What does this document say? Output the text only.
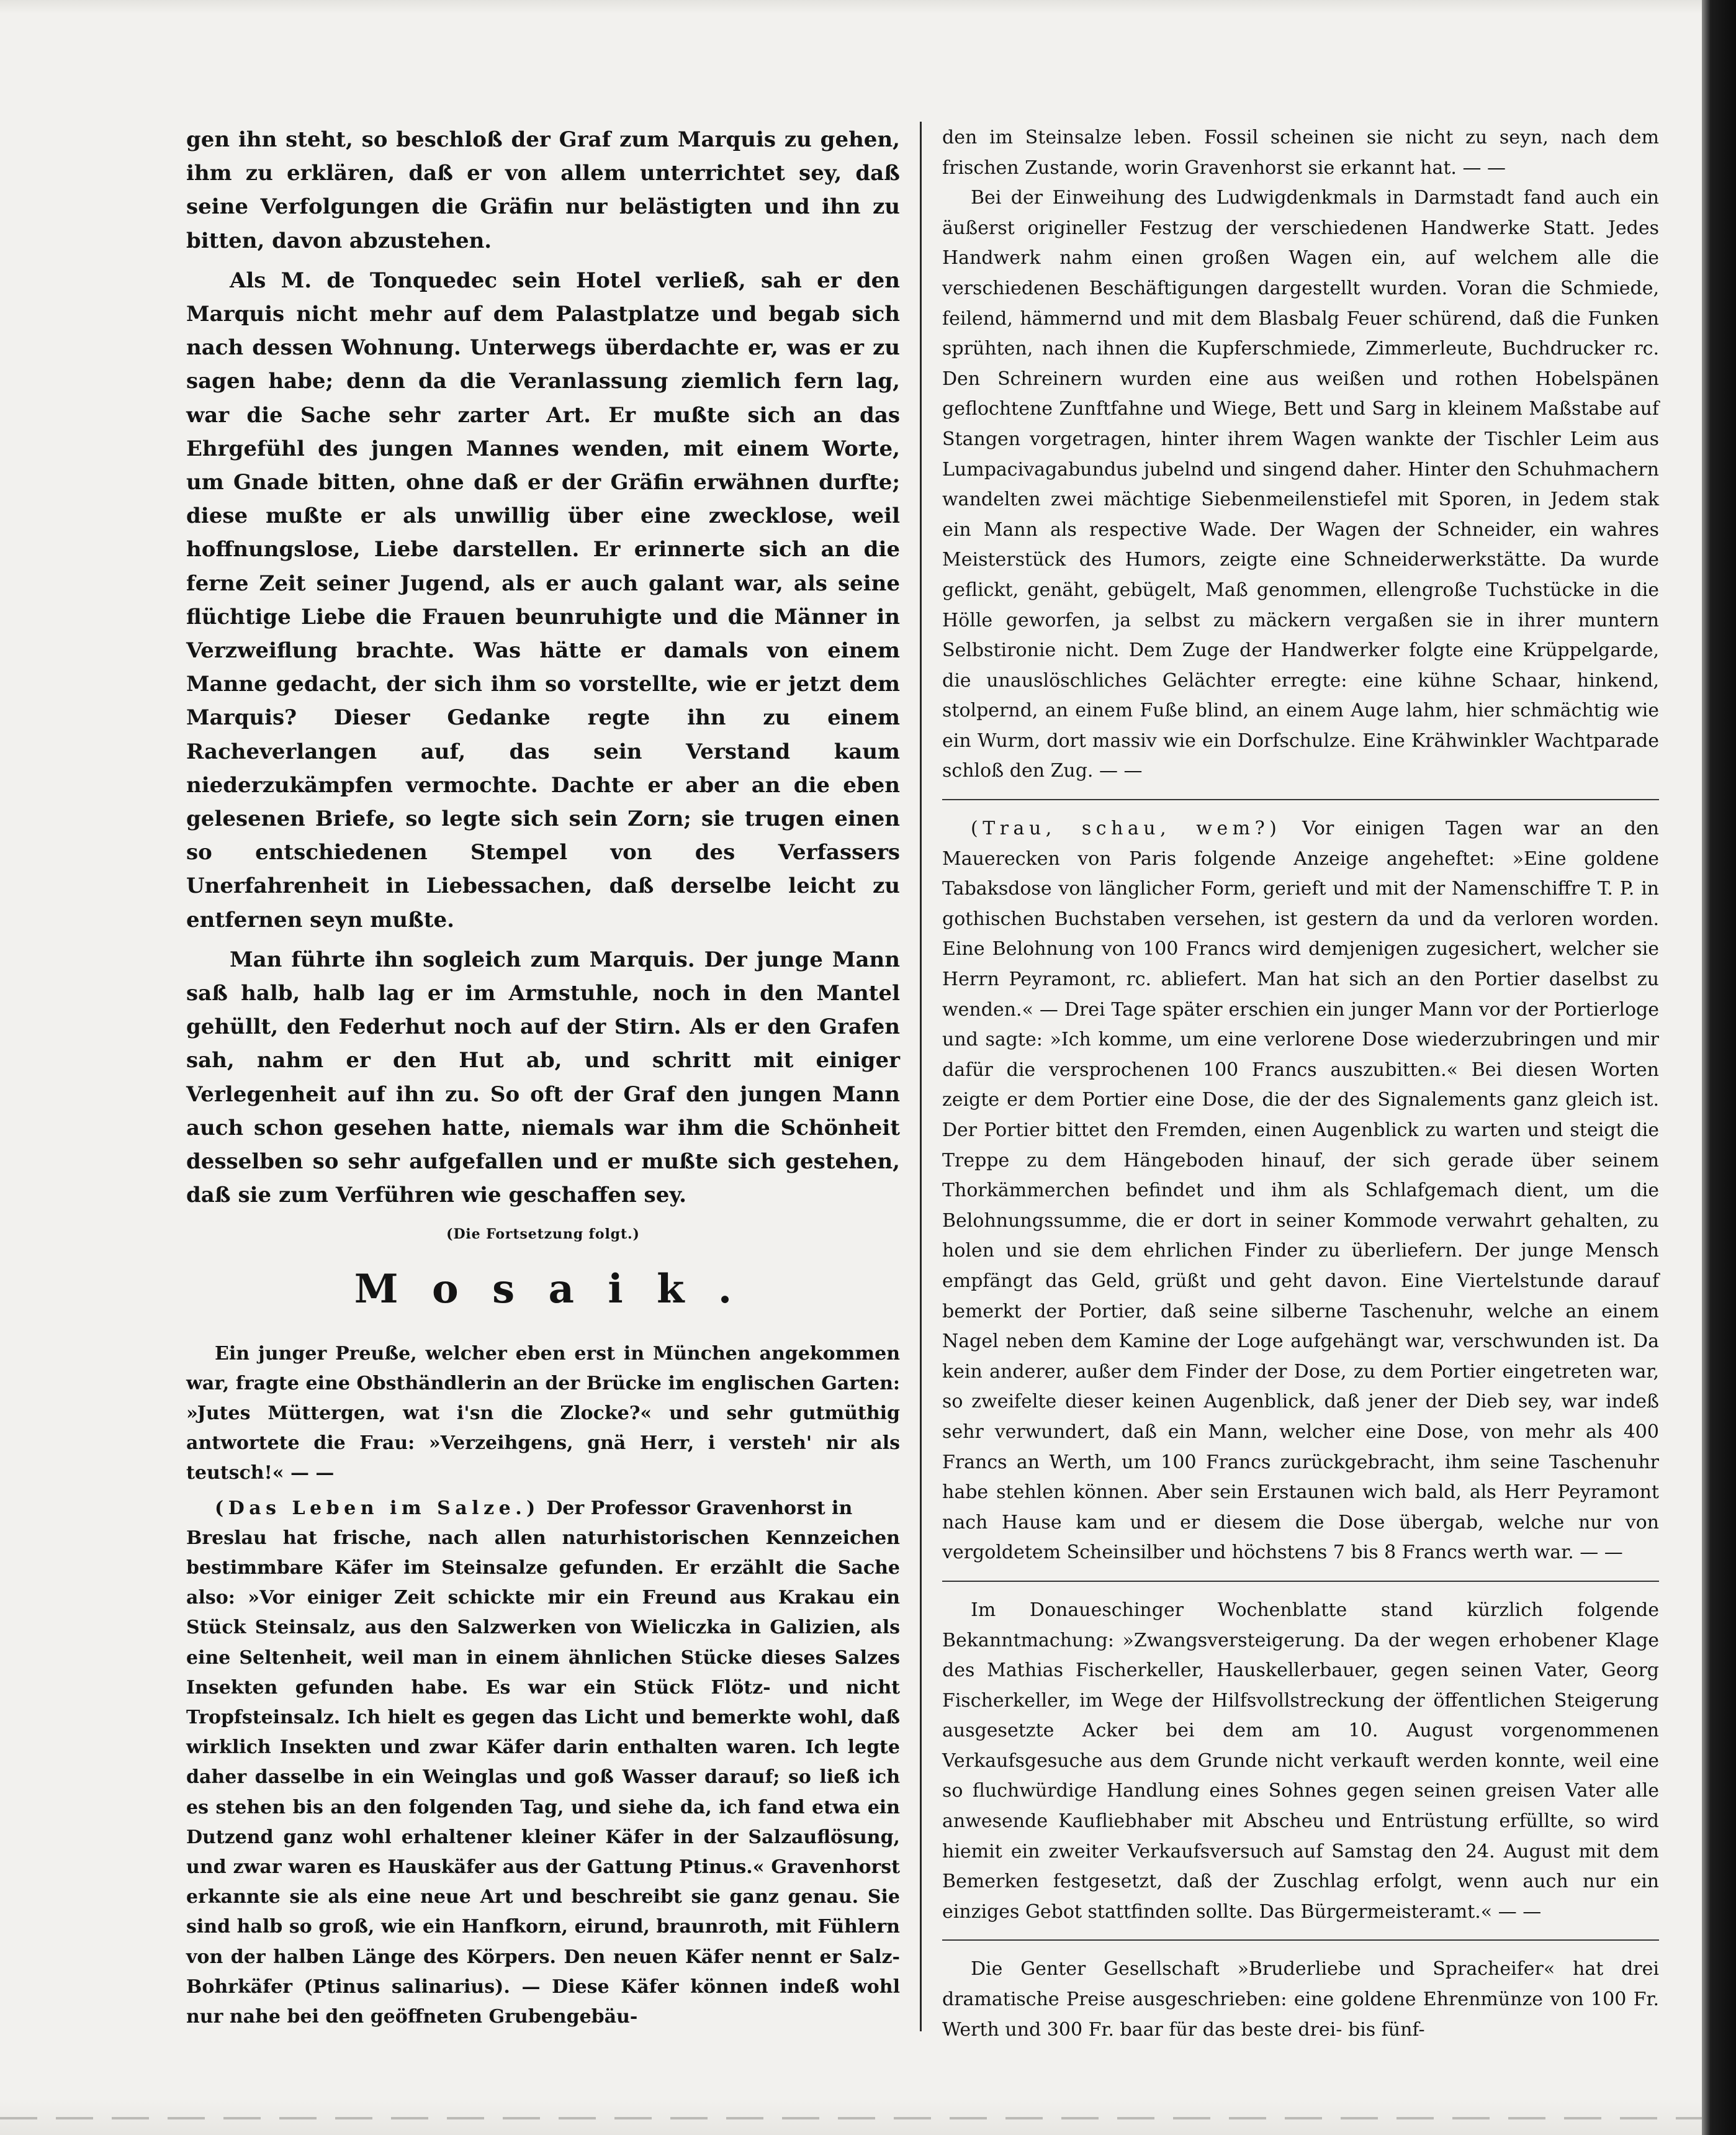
gen ihn steht, so beschloß der Graf zum Marquis zu gehen, ihm zu erklären, daß er von allem unterrichtet sey, daß seine Verfolgungen die Gräfin nur belästigten und ihn zu bitten, davon abzustehen.

Als M. de Tonquedec sein Hotel verließ, sah er den Marquis nicht mehr auf dem Palastplatze und begab sich nach dessen Wohnung. Unterwegs überdachte er, was er zu sagen habe; denn da die Veranlassung ziemlich fern lag, war die Sache sehr zarter Art. Er mußte sich an das Ehrgefühl des jungen Mannes wenden, mit einem Worte, um Gnade bitten, ohne daß er der Gräfin erwähnen durfte; diese mußte er als unwillig über eine zwecklose, weil hoffnungslose, Liebe darstellen. Er erinnerte sich an die ferne Zeit seiner Jugend, als er auch galant war, als seine flüchtige Liebe die Frauen beunruhigte und die Männer in Verzweiflung brachte. Was hätte er damals von einem Manne gedacht, der sich ihm so vorstellte, wie er jetzt dem Marquis? Dieser Gedanke regte ihn zu einem Racheverlangen auf, das sein Verstand kaum niederzukämpfen vermochte. Dachte er aber an die eben gelesenen Briefe, so legte sich sein Zorn; sie trugen einen so entschiedenen Stempel von des Verfassers Unerfahrenheit in Liebessachen, daß derselbe leicht zu entfernen seyn mußte.

Man führte ihn sogleich zum Marquis. Der junge Mann saß halb, halb lag er im Armstuhle, noch in den Mantel gehüllt, den Federhut noch auf der Stirn. Als er den Grafen sah, nahm er den Hut ab, und schritt mit einiger Verlegenheit auf ihn zu. So oft der Graf den jungen Mann auch schon gesehen hatte, niemals war ihm die Schönheit desselben so sehr aufgefallen und er mußte sich gestehen, daß sie zum Verführen wie geschaffen sey.

(Die Fortsetzung folgt.)
Mosaik.

Ein junger Preuße, welcher eben erst in München angekommen war, fragte eine Obsthändlerin an der Brücke im englischen Garten: »Jutes Müttergen, wat i'sn die Zlocke?« und sehr gutmüthig antwortete die Frau: »Verzeihgens, gnä Herr, i versteh' nir als teutsch!« — —

(Das Leben im Salze.) Der Professor Gravenhorst in

Breslau hat frische, nach allen naturhistorischen Kennzeichen bestimmbare Käfer im Steinsalze gefunden. Er erzählt die Sache also: »Vor einiger Zeit schickte mir ein Freund aus Krakau ein Stück Steinsalz, aus den Salzwerken von Wieliczka in Galizien, als eine Seltenheit, weil man in einem ähnlichen Stücke dieses Salzes Insekten gefunden habe. Es war ein Stück Flötz- und nicht Tropfsteinsalz. Ich hielt es gegen das Licht und bemerkte wohl, daß wirklich Insekten und zwar Käfer darin enthalten waren. Ich legte daher dasselbe in ein Weinglas und goß Wasser darauf; so ließ ich es stehen bis an den folgenden Tag, und siehe da, ich fand etwa ein Dutzend ganz wohl erhaltener kleiner Käfer in der Salzauflösung, und zwar waren es Hauskäfer aus der Gattung Ptinus.« Gravenhorst erkannte sie als eine neue Art und beschreibt sie ganz genau. Sie sind halb so groß, wie ein Hanfkorn, eirund, braunroth, mit Fühlern von der halben Länge des Körpers. Den neuen Käfer nennt er Salz-Bohrkäfer (Ptinus salinarius). — Diese Käfer können indeß wohl nur nahe bei den geöffneten Grubengebäu-

den im Steinsalze leben. Fossil scheinen sie nicht zu seyn, nach dem frischen Zustande, worin Gravenhorst sie erkannt hat. — —

Bei der Einweihung des Ludwigdenkmals in Darmstadt fand auch ein äußerst origineller Festzug der verschiedenen Handwerke Statt. Jedes Handwerk nahm einen großen Wagen ein, auf welchem alle die verschiedenen Beschäftigungen dargestellt wurden. Voran die Schmiede, feilend, hämmernd und mit dem Blasbalg Feuer schürend, daß die Funken sprühten, nach ihnen die Kupferschmiede, Zimmerleute, Buchdrucker rc. Den Schreinern wurden eine aus weißen und rothen Hobelspänen geflochtene Zunftfahne und Wiege, Bett und Sarg in kleinem Maßstabe auf Stangen vorgetragen, hinter ihrem Wagen wankte der Tischler Leim aus Lumpacivagabundus jubelnd und singend daher. Hinter den Schuhmachern wandelten zwei mächtige Siebenmeilenstiefel mit Sporen, in Jedem stak ein Mann als respective Wade. Der Wagen der Schneider, ein wahres Meisterstück des Humors, zeigte eine Schneiderwerkstätte. Da wurde geflickt, genäht, gebügelt, Maß genommen, ellengroße Tuchstücke in die Hölle geworfen, ja selbst zu mäckern vergaßen sie in ihrer muntern Selbstironie nicht. Dem Zuge der Handwerker folgte eine Krüppelgarde, die unauslöschliches Gelächter erregte: eine kühne Schaar, hinkend, stolpernd, an einem Fuße blind, an einem Auge lahm, hier schmächtig wie ein Wurm, dort massiv wie ein Dorfschulze. Eine Krähwinkler Wachtparade schloß den Zug. — —

(Trau, schau, wem?) Vor einigen Tagen war an den Mauerecken von Paris folgende Anzeige angeheftet: »Eine goldene Tabaksdose von länglicher Form, gerieft und mit der Namenschiffre T. P. in gothischen Buchstaben versehen, ist gestern da und da verloren worden. Eine Belohnung von 100 Francs wird demjenigen zugesichert, welcher sie Herrn Peyramont, rc. abliefert. Man hat sich an den Portier daselbst zu wenden.« — Drei Tage später erschien ein junger Mann vor der Portierloge und sagte: »Ich komme, um eine verlorene Dose wiederzubringen und mir dafür die versprochenen 100 Francs auszubitten.« Bei diesen Worten zeigte er dem Portier eine Dose, die der des Signalements ganz gleich ist. Der Portier bittet den Fremden, einen Augenblick zu warten und steigt die Treppe zu dem Hängeboden hinauf, der sich gerade über seinem Thorkämmerchen befindet und ihm als Schlafgemach dient, um die Belohnungssumme, die er dort in seiner Kommode verwahrt gehalten, zu holen und sie dem ehrlichen Finder zu überliefern. Der junge Mensch empfängt das Geld, grüßt und geht davon. Eine Viertelstunde darauf bemerkt der Portier, daß seine silberne Taschenuhr, welche an einem Nagel neben dem Kamine der Loge aufgehängt war, verschwunden ist. Da kein anderer, außer dem Finder der Dose, zu dem Portier eingetreten war, so zweifelte dieser keinen Augenblick, daß jener der Dieb sey, war indeß sehr verwundert, daß ein Mann, welcher eine Dose, von mehr als 400 Francs an Werth, um 100 Francs zurückgebracht, ihm seine Taschenuhr habe stehlen können. Aber sein Erstaunen wich bald, als Herr Peyramont nach Hause kam und er diesem die Dose übergab, welche nur von vergoldetem Scheinsilber und höchstens 7 bis 8 Francs werth war. — —

Im Donaueschinger Wochenblatte stand kürzlich folgende Bekanntmachung: »Zwangsversteigerung. Da der wegen erhobener Klage des Mathias Fischerkeller, Hauskellerbauer, gegen seinen Vater, Georg Fischerkeller, im Wege der Hilfsvollstreckung der öffentlichen Steigerung ausgesetzte Acker bei dem am 10. August vorgenommenen Verkaufsgesuche aus dem Grunde nicht verkauft werden konnte, weil eine so fluchwürdige Handlung eines Sohnes gegen seinen greisen Vater alle anwesende Kaufliebhaber mit Abscheu und Entrüstung erfüllte, so wird hiemit ein zweiter Verkaufsversuch auf Samstag den 24. August mit dem Bemerken festgesetzt, daß der Zuschlag erfolgt, wenn auch nur ein einziges Gebot stattfinden sollte. Das Bürgermeisteramt.« — —

Die Genter Gesellschaft »Bruderliebe und Spracheifer« hat drei dramatische Preise ausgeschrieben: eine goldene Ehrenmünze von 100 Fr. Werth und 300 Fr. baar für das beste drei- bis fünf-
